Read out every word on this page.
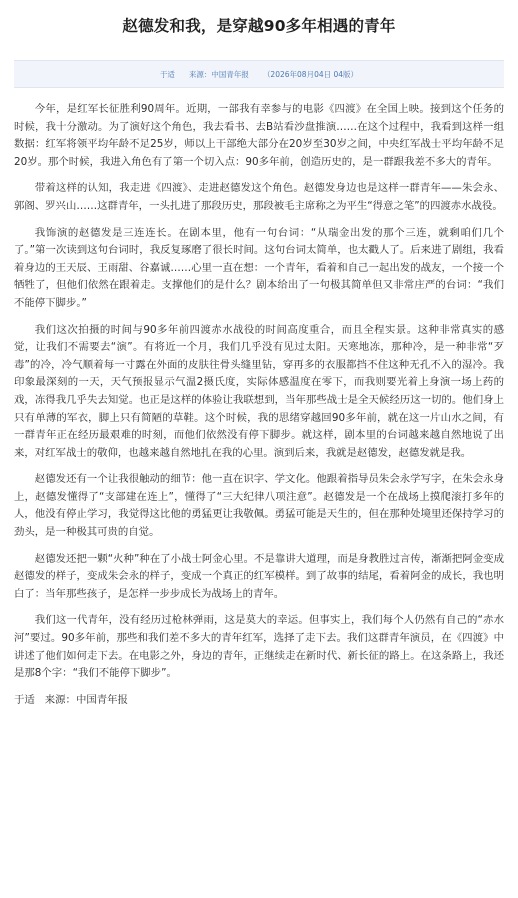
赵德发和我，是穿越90多年相遇的青年
于适 来源：中国青年报 （2026年08月04日 04版）

今年，是红军长征胜利90周年。近期，一部我有幸参与的电影《四渡》在全国上映。接到这个任务的时候，我十分激动。为了演好这个角色，我去看书、去B站看沙盘推演……在这个过程中，我看到这样一组数据：红军将领平均年龄不足25岁，师以上干部绝大部分在20岁至30岁之间，中央红军战士平均年龄不足20岁。那个时候，我进入角色有了第一个切入点：90多年前，创造历史的，是一群跟我差不多大的青年。

带着这样的认知，我走进《四渡》、走进赵德发这个角色。赵德发身边也是这样一群青年——朱会永、郭阁、罗兴山……这群青年，一头扎进了那段历史，那段被毛主席称之为平生“得意之笔”的四渡赤水战役。

我饰演的赵德发是三连连长。在剧本里，他有一句台词：“从瑞金出发的那个三连，就剩咱们几个了。”第一次读到这句台词时，我反复琢磨了很长时间。这句台词太简单，也太戳人了。后来进了剧组，我看着身边的王天辰、王雨甜、谷嘉诚……心里一直在想：一个青年，看着和自己一起出发的战友，一个接一个牺牲了，但他们依然在跟着走。支撑他们的是什么？剧本给出了一句极其简单但又非常庄严的台词：“我们不能停下脚步。”

我们这次拍摄的时间与90多年前四渡赤水战役的时间高度重合，而且全程实景。这种非常真实的感觉，让我们不需要去“演”。有将近一个月，我们几乎没有见过太阳。天寒地冻，那种冷，是一种非常“歹毒”的冷，冷气顺着每一寸露在外面的皮肤往骨头缝里钻，穿再多的衣服都挡不住这种无孔不入的湿冷。我印象最深刻的一天，天气预报显示气温2摄氏度，实际体感温度在零下，而我则要光着上身演一场上药的戏，冻得我几乎失去知觉。也正是这样的体验让我联想到，当年那些战士是全天候经历这一切的。他们身上只有单薄的军衣，脚上只有简陋的草鞋。这个时候，我的思绪穿越回90多年前，就在这一片山水之间，有一群青年正在经历最艰难的时刻，而他们依然没有停下脚步。就这样，剧本里的台词越来越自然地说了出来，对红军战士的敬仰，也越来越自然地扎在我的心里。演到后来，我就是赵德发，赵德发就是我。

赵德发还有一个让我很触动的细节：他一直在识字、学文化。他跟着指导员朱会永学写字，在朱会永身上，赵德发懂得了“支部建在连上”，懂得了“三大纪律八项注意”。赵德发是一个在战场上摸爬滚打多年的人，他没有停止学习，我觉得这比他的勇猛更让我敬佩。勇猛可能是天生的，但在那种处境里还保持学习的劲头，是一种极其可贵的自觉。

赵德发还把一颗“火种”种在了小战士阿金心里。不是靠讲大道理，而是身教胜过言传，渐渐把阿金变成赵德发的样子，变成朱会永的样子，变成一个真正的红军模样。到了故事的结尾，看着阿金的成长，我也明白了：当年那些孩子，是怎样一步步成长为战场上的青年。

我们这一代青年，没有经历过枪林弹雨，这是莫大的幸运。但事实上，我们每个人仍然有自己的“赤水河”要过。90多年前，那些和我们差不多大的青年红军，选择了走下去。我们这群青年演员，在《四渡》中讲述了他们如何走下去。在电影之外，身边的青年，正继续走在新时代、新长征的路上。在这条路上，我还是那8个字：“我们不能停下脚步”。

于适 来源：中国青年报
